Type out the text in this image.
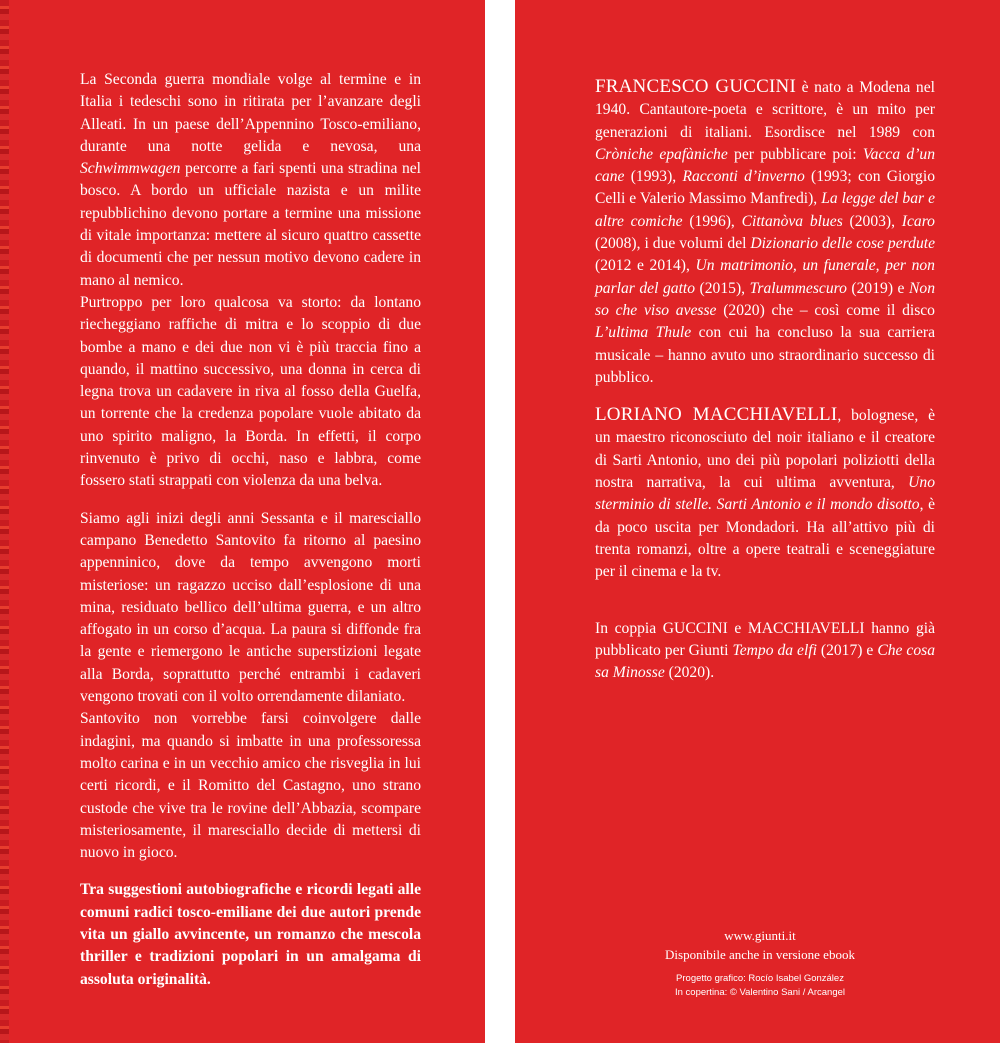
La Seconda guerra mondiale volge al termine e in Italia i tedeschi sono in ritirata per l’avanzare degli Alleati. In un paese dell’Appennino Tosco-emiliano, durante una notte gelida e nevosa, una Schwimmwagen percorre a fari spenti una stradina nel bosco. A bordo un ufficiale nazista e un milite repubblichino devono portare a termine una missione di vitale importanza: mettere al sicuro quattro cassette di documenti che per nessun motivo devono cadere in mano al nemico.

Purtroppo per loro qualcosa va storto: da lontano riecheggiano raffiche di mitra e lo scoppio di due bombe a mano e dei due non vi è più traccia fino a quando, il mattino successivo, una donna in cerca di legna trova un cadavere in riva al fosso della Guelfa, un torrente che la credenza popolare vuole abitato da uno spirito maligno, la Borda. In effetti, il corpo rinvenuto è privo di occhi, naso e labbra, come fossero stati strappati con violenza da una belva.

Siamo agli inizi degli anni Sessanta e il maresciallo campano Benedetto Santovito fa ritorno al paesino appenninico, dove da tempo avvengono morti misteriose: un ragazzo ucciso dall’esplosione di una mina, residuato bellico dell’ultima guerra, e un altro affogato in un corso d’acqua. La paura si diffonde fra la gente e riemergono le antiche superstizioni legate alla Borda, soprattutto perché entrambi i cadaveri vengono trovati con il volto orrendamente dilaniato.

Santovito non vorrebbe farsi coinvolgere dalle indagini, ma quando si imbatte in una professoressa molto carina e in un vecchio amico che risveglia in lui certi ricordi, e il Romitto del Castagno, uno strano custode che vive tra le rovine dell’Abbazia, scompare misteriosamente, il maresciallo decide di mettersi di nuovo in gioco.

Tra suggestioni autobiografiche e ricordi legati alle comuni radici tosco-emiliane dei due autori prende vita un giallo avvincente, un romanzo che mescola thriller e tradizioni popolari in un amalgama di assoluta originalità.

FRANCESCO GUCCINI è nato a Modena nel 1940. Cantautore-poeta e scrittore, è un mito per generazioni di italiani. Esordisce nel 1989 con Cròniche epafàniche per pubblicare poi: Vacca d’un cane (1993), Racconti d’inverno (1993; con Giorgio Celli e Valerio Massimo Manfredi), La legge del bar e altre comiche (1996), Cittanòva blues (2003), Icaro (2008), i due volumi del Dizionario delle cose perdute (2012 e 2014), Un matrimonio, un funerale, per non parlar del gatto (2015), Tralummescuro (2019) e Non so che viso avesse (2020) che – così come il disco L’ultima Thule con cui ha concluso la sua carriera musicale – hanno avuto uno straordinario successo di pubblico.

LORIANO MACCHIAVELLI, bolognese, è un maestro riconosciuto del noir italiano e il creatore di Sarti Antonio, uno dei più popolari poliziotti della nostra narrativa, la cui ultima avventura, Uno sterminio di stelle. Sarti Antonio e il mondo disotto, è da poco uscita per Mondadori. Ha all’attivo più di trenta romanzi, oltre a opere teatrali e sceneggiature per il cinema e la tv.

In coppia GUCCINI e MACCHIAVELLI hanno già pubblicato per Giunti Tempo da elfi (2017) e Che cosa sa Minosse (2020).

www.giunti.it
Disponibile anche in versione ebook
Progetto grafico: Rocío Isabel González
In copertina: © Valentino Sani / Arcangel
